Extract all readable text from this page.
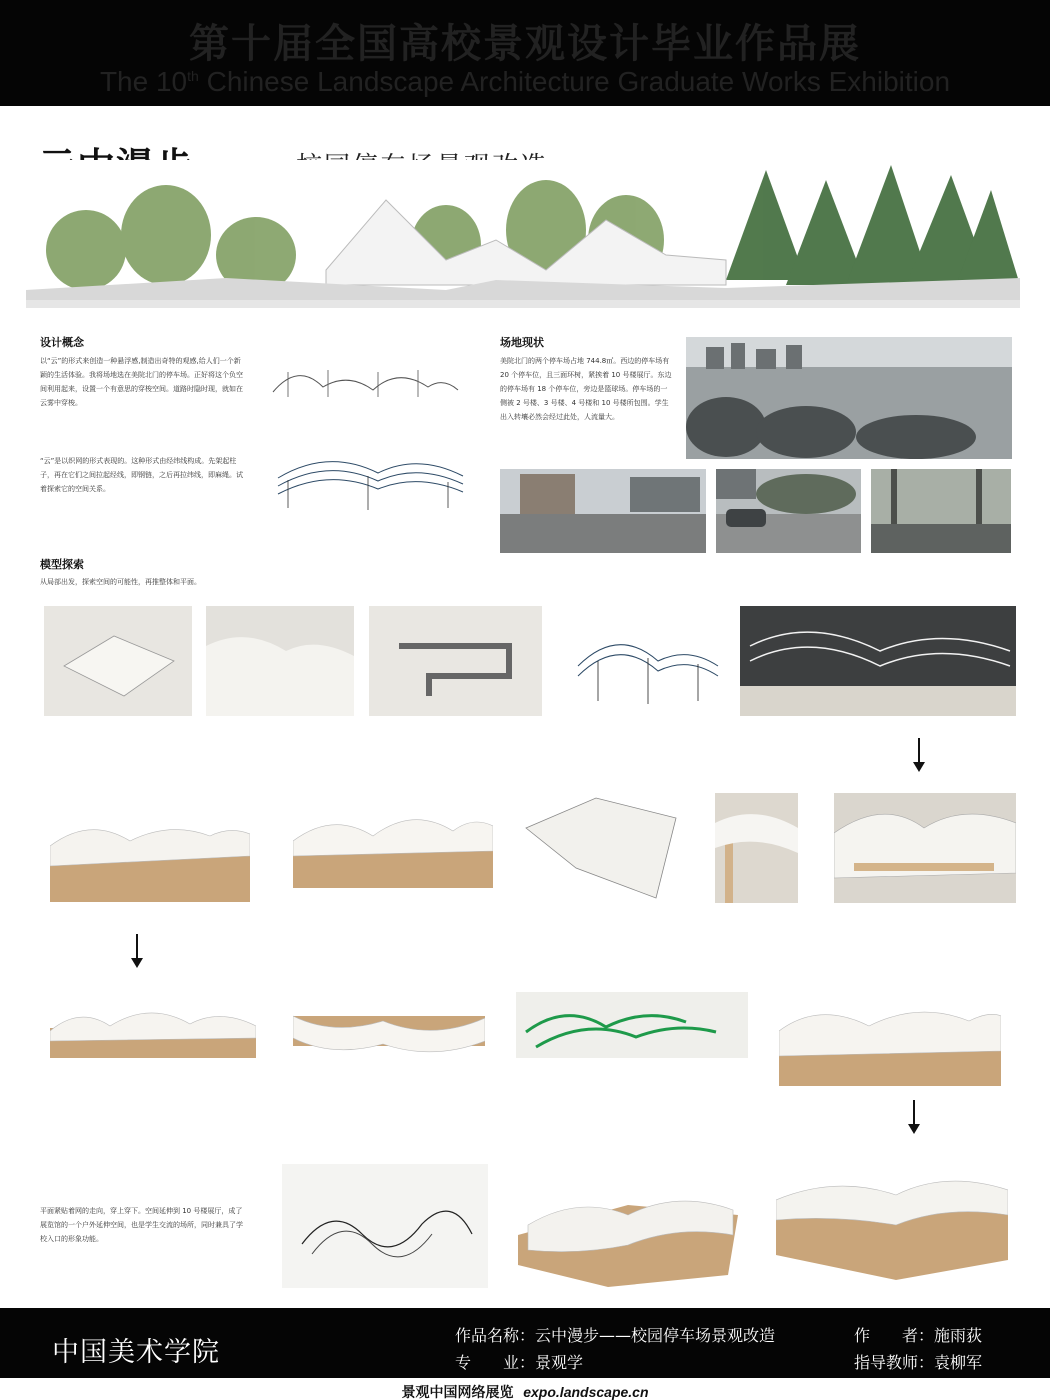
第十届全国高校景观设计毕业作品展
The 10th Chinese Landscape Architecture Graduate Works Exhibition
设计概念
以“云”的形式来创造一种悬浮感,制造出奇特的观感,给人们一个新颖的生活体验。我将场地选在美院北门的停车场。正好将这个负空间利用起来，设置一个有意思的穿梭空间。道路时隐时现，就如在云雾中穿梭。
“云”是以织网的形式表现的。这种形式由经纬线构成。先架起柱子，再在它们之间拉起经线，即钢链，之后再拉纬线，即麻绳。试着探索它的空间关系。
场地现状
美院北门的两个停车场占地 744.8㎡。西边的停车场有 20 个停车位，且三面环树，紧挨着 10 号楼展厅。东边的停车场有 18 个停车位，旁边是篮球场。停车场的一侧被 2 号楼、3 号楼、4 号楼和 10 号楼所包围。学生出入转壤必然会经过此处，人流量大。
模型探索
从局部出发，探索空间的可能性，再推整体和平面。
平面紧贴着网的走向，穿上穿下。空间延伸到 10 号楼展厅，成了展览馆的一个户外延伸空间，也是学生交流的场所，同时兼具了学校入口的形象功能。
中国美术学院
作品名称：云中漫步——校园停车场景观改造
专　　业：景观学
作　　者：施雨荻
指导教师：袁柳军
景观中国网络展览 expo.landscape.cn
